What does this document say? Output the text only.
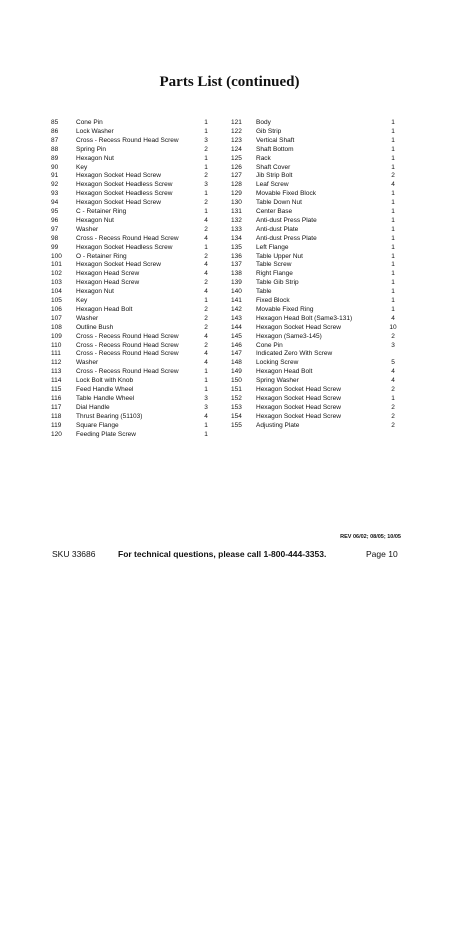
Parts List (continued)
85	Cone Pin	1
86	Lock Washer	1
87	Cross - Recess Round Head Screw	3
88	Spring Pin	2
89	Hexagon Nut	1
90	Key	1
91	Hexagon Socket Head Screw	2
92	Hexagon Socket Headless Screw	3
93	Hexagon Socket Headless Screw	1
94	Hexagon Socket Head Screw	2
95	C - Retainer Ring	1
96	Hexagon Nut	4
97	Washer	2
98	Cross - Recess Round Head Screw	4
99	Hexagon Socket Headless Screw	1
100	O - Retainer Ring	2
101	Hexagon Socket Head Screw	4
102	Hexagon Head Screw	4
103	Hexagon Head Screw	2
104	Hexagon Nut	4
105	Key	1
106	Hexagon Head Bolt	2
107	Washer	2
108	Outline Bush	2
109	Cross - Recess Round Head Screw	4
110	Cross - Recess Round Head Screw	2
111	Cross - Recess Round Head Screw	4
112	Washer	4
113	Cross - Recess Round Head Screw	1
114	Lock Bolt with Knob	1
115	Feed Handle Wheel	1
116	Table Handle Wheel	3
117	Dial Handle	3
118	Thrust Bearing (51103)	4
119	Square Flange	1
120	Feeding Plate Screw	1
121	Body	1
122	Gib Strip	1
123	Vertical Shaft	1
124	Shaft Bottom	1
125	Rack	1
126	Shaft Cover	1
127	Jib Strip Bolt	2
128	Leaf Screw	4
129	Movable Fixed Block	1
130	Table Down Nut	1
131	Center Base	1
132	Anti-dust Press Plate	1
133	Anti-dust Plate	1
134	Anti-dust Press Plate	1
135	Left Flange	1
136	Table Upper Nut	1
137	Table Screw	1
138	Right Flange	1
139	Table Gib Strip	1
140	Table	1
141	Fixed Block	1
142	Movable Fixed Ring	1
143	Hexagon Head Bolt (Same3-131)	4
144	Hexagon Socket Head Screw	10
145	Hexagon (Same3-145)	2
146	Cone Pin	3
147	Indicated Zero With Screw
148	Locking Screw	5
149	Hexagon Head Bolt	4
150	Spring Washer	4
151	Hexagon Socket Head Screw	2
152	Hexagon Socket Head Screw	1
153	Hexagon Socket Head Screw	2
154	Hexagon Socket Head Screw	2
155	Adjusting Plate	2
REV 06/02; 08/05; 10/05
SKU 33686	For technical questions, please call 1-800-444-3353.	Page 10
